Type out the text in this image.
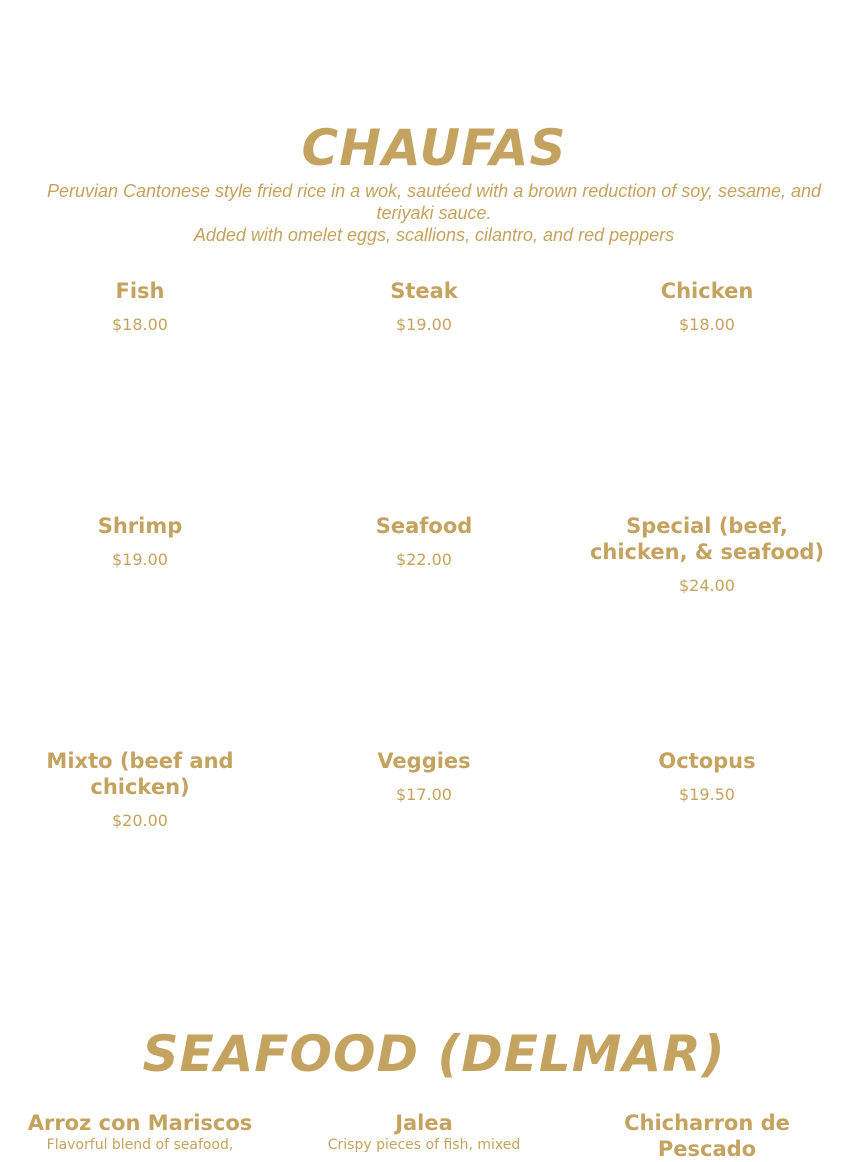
CHAUFAS
Peruvian Cantonese style fried rice in a wok, sautéed with a brown reduction of soy, sesame, and teriyaki sauce.
Added with omelet eggs, scallions, cilantro, and red peppers
Fish
$18.00
Steak
$19.00
Chicken
$18.00
Shrimp
$19.00
Seafood
$22.00
Special (beef, chicken, & seafood)
$24.00
Mixto (beef and chicken)
$20.00
Veggies
$17.00
Octopus
$19.50
SEAFOOD (DELMAR)
Arroz con Mariscos
Flavorful blend of seafood,
Jalea
Crispy pieces of fish, mixed
Chicharron de Pescado
